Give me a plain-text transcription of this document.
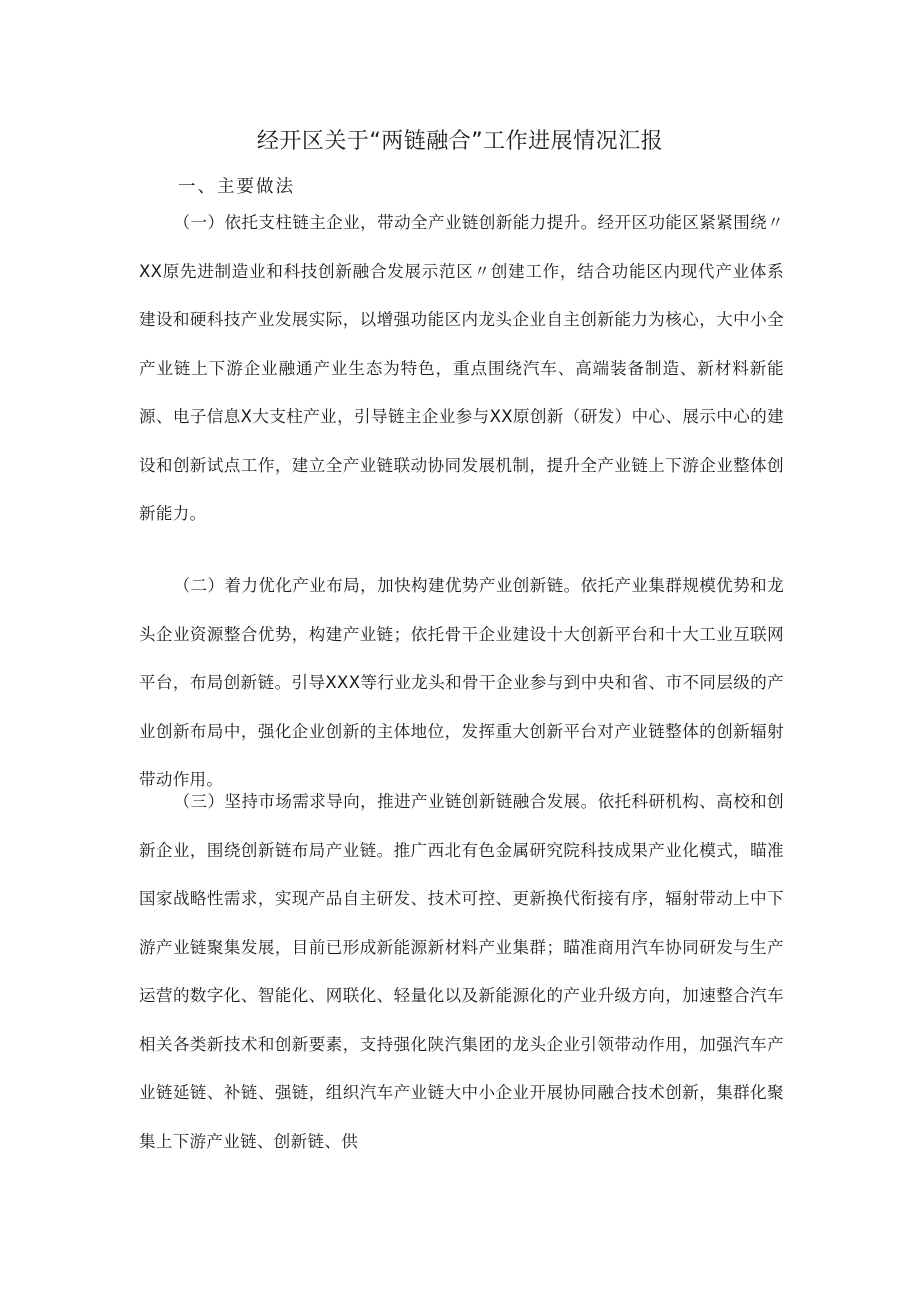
经开区关于“两链融合”工作进展情况汇报
一、主要做法

（一）依托支柱链主企业，带动全产业链创新能力提升。经开区功能区紧紧围绕〃XX原先进制造业和科技创新融合发展示范区〃创建工作，结合功能区内现代产业体系建设和硬科技产业发展实际，以增强功能区内龙头企业自主创新能力为核心，大中小全产业链上下游企业融通产业生态为特色，重点围绕汽车、高端装备制造、新材料新能源、电子信息X大支柱产业，引导链主企业参与XX原创新（研发）中心、展示中心的建设和创新试点工作，建立全产业链联动协同发展机制，提升全产业链上下游企业整体创新能力。

（二）着力优化产业布局，加快构建优势产业创新链。依托产业集群规模优势和龙头企业资源整合优势，构建产业链；依托骨干企业建设十大创新平台和十大工业互联网平台，布局创新链。引导XXX等行业龙头和骨干企业参与到中央和省、市不同层级的产业创新布局中，强化企业创新的主体地位，发挥重大创新平台对产业链整体的创新辐射带动作用。

（三）坚持市场需求导向，推进产业链创新链融合发展。依托科研机构、高校和创新企业，围绕创新链布局产业链。推广西北有色金属研究院科技成果产业化模式，瞄准国家战略性需求，实现产品自主研发、技术可控、更新换代衔接有序，辐射带动上中下游产业链聚集发展，目前已形成新能源新材料产业集群；瞄准商用汽车协同研发与生产运营的数字化、智能化、网联化、轻量化以及新能源化的产业升级方向，加速整合汽车相关各类新技术和创新要素，支持强化陕汽集团的龙头企业引领带动作用，加强汽车产业链延链、补链、强链，组织汽车产业链大中小企业开展协同融合技术创新，集群化聚集上下游产业链、创新链、供
